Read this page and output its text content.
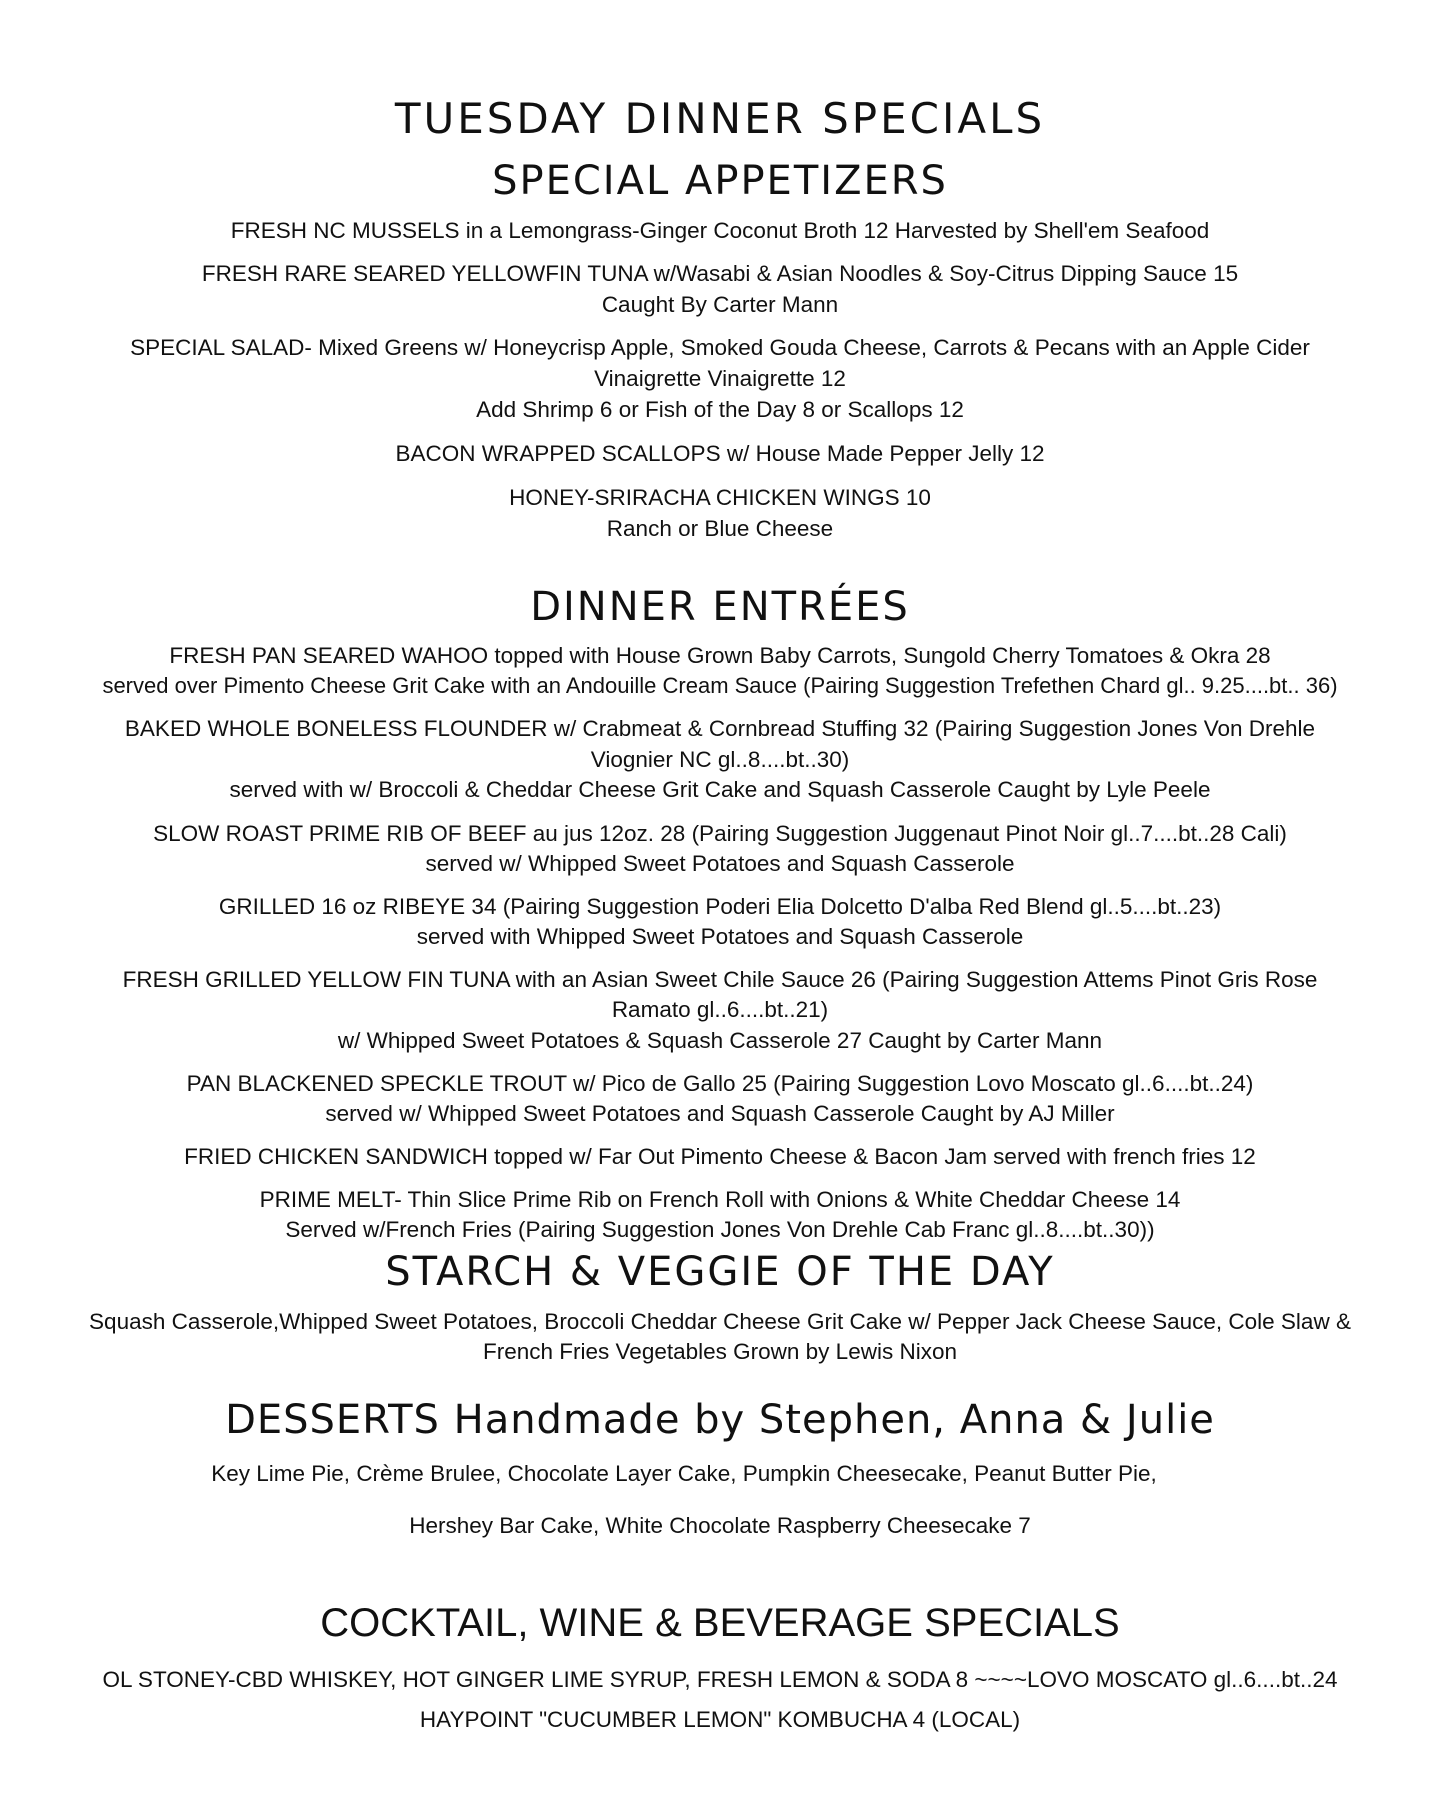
TUESDAY DINNER SPECIALS
SPECIAL APPETIZERS
FRESH NC MUSSELS in a Lemongrass-Ginger Coconut Broth 12 Harvested by Shell'em Seafood
FRESH RARE SEARED YELLOWFIN TUNA w/Wasabi & Asian Noodles & Soy-Citrus Dipping Sauce 15
Caught By Carter Mann
SPECIAL SALAD- Mixed Greens w/ Honeycrisp Apple, Smoked Gouda Cheese, Carrots & Pecans with an Apple Cider
Vinaigrette Vinaigrette 12
Add Shrimp 6 or Fish of the Day 8 or Scallops 12
BACON WRAPPED SCALLOPS w/ House Made Pepper Jelly 12
HONEY-SRIRACHA CHICKEN WINGS 10
Ranch or Blue Cheese
DINNER ENTRÉES
FRESH PAN SEARED WAHOO topped with House Grown Baby Carrots, Sungold Cherry Tomatoes & Okra 28
served over Pimento Cheese Grit Cake with an Andouille Cream Sauce (Pairing Suggestion Trefethen Chard gl.. 9.25....bt.. 36)
BAKED WHOLE BONELESS FLOUNDER w/ Crabmeat & Cornbread Stuffing 32 (Pairing Suggestion Jones Von Drehle
Viognier NC gl..8....bt..30)
served with w/ Broccoli & Cheddar Cheese Grit Cake and Squash Casserole Caught by Lyle Peele
SLOW ROAST PRIME RIB OF BEEF au jus 12oz. 28 (Pairing Suggestion Juggenaut Pinot Noir gl..7....bt..28 Cali)
served w/ Whipped Sweet Potatoes and Squash Casserole
GRILLED 16 oz RIBEYE 34 (Pairing Suggestion Poderi Elia Dolcetto D'alba Red Blend gl..5....bt..23)
served with Whipped Sweet Potatoes and Squash Casserole
FRESH GRILLED YELLOW FIN TUNA with an Asian Sweet Chile Sauce 26 (Pairing Suggestion Attems Pinot Gris Rose
Ramato gl..6....bt..21)
w/ Whipped Sweet Potatoes & Squash Casserole 27 Caught by Carter Mann
PAN BLACKENED SPECKLE TROUT w/ Pico de Gallo 25 (Pairing Suggestion Lovo Moscato gl..6....bt..24)
served w/ Whipped Sweet Potatoes and Squash Casserole Caught by AJ Miller
FRIED CHICKEN SANDWICH topped w/ Far Out Pimento Cheese & Bacon Jam served with french fries 12
PRIME MELT- Thin Slice Prime Rib on French Roll with Onions & White Cheddar Cheese 14
Served w/French Fries (Pairing Suggestion Jones Von Drehle Cab Franc gl..8....bt..30))
STARCH & VEGGIE OF THE DAY
Squash Casserole,Whipped Sweet Potatoes, Broccoli Cheddar Cheese Grit Cake w/ Pepper Jack Cheese Sauce, Cole Slaw &
French Fries Vegetables Grown by Lewis Nixon
DESSERTS Handmade by Stephen, Anna & Julie
Key Lime Pie, Crème Brulee, Chocolate Layer Cake, Pumpkin Cheesecake, Peanut Butter Pie,
Hershey Bar Cake, White Chocolate Raspberry Cheesecake 7
COCKTAIL, WINE & BEVERAGE SPECIALS
OL STONEY-CBD WHISKEY, HOT GINGER LIME SYRUP, FRESH LEMON & SODA 8 ~~~~LOVO MOSCATO gl..6....bt..24
HAYPOINT "CUCUMBER LEMON" KOMBUCHA 4 (LOCAL)
